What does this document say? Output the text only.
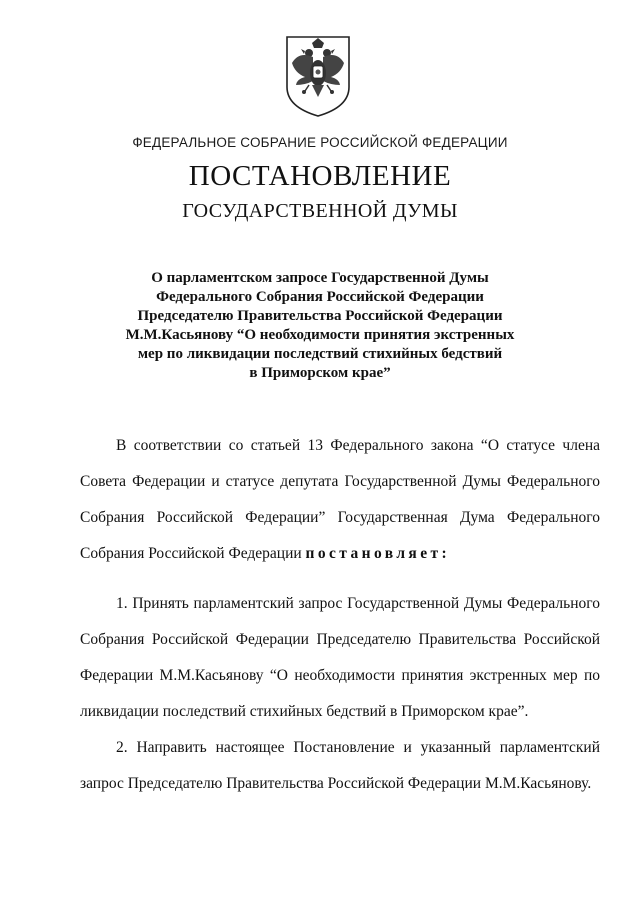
ФЕДЕРАЛЬНОЕ СОБРАНИЕ РОССИЙСКОЙ ФЕДЕРАЦИИ
ПОСТАНОВЛЕНИЕ
ГОСУДАРСТВЕННОЙ ДУМЫ
О парламентском запросе Государственной Думы
Федерального Собрания Российской Федерации
Председателю Правительства Российской Федерации
М.М.Касьянову “О необходимости принятия экстренных
мер по ликвидации последствий стихийных бедствий
в Приморском крае”
В соответствии со статьей 13 Федерального закона “О статусе члена
Совета Федерации и статусе депутата Государственной Думы Федерального
Собрания Российской Федерации” Государственная Дума Федерального
Собрания Российской Федерации постановляет:
1. Принять парламентский запрос Государственной Думы Федерального
Собрания Российской Федерации Председателю Правительства Российской
Федерации М.М.Касьянову “О необходимости принятия экстренных мер по
ликвидации последствий стихийных бедствий в Приморском крае”.
2. Направить настоящее Постановление и указанный парламентский
запрос Председателю Правительства Российской Федерации М.М.Касьянову.
